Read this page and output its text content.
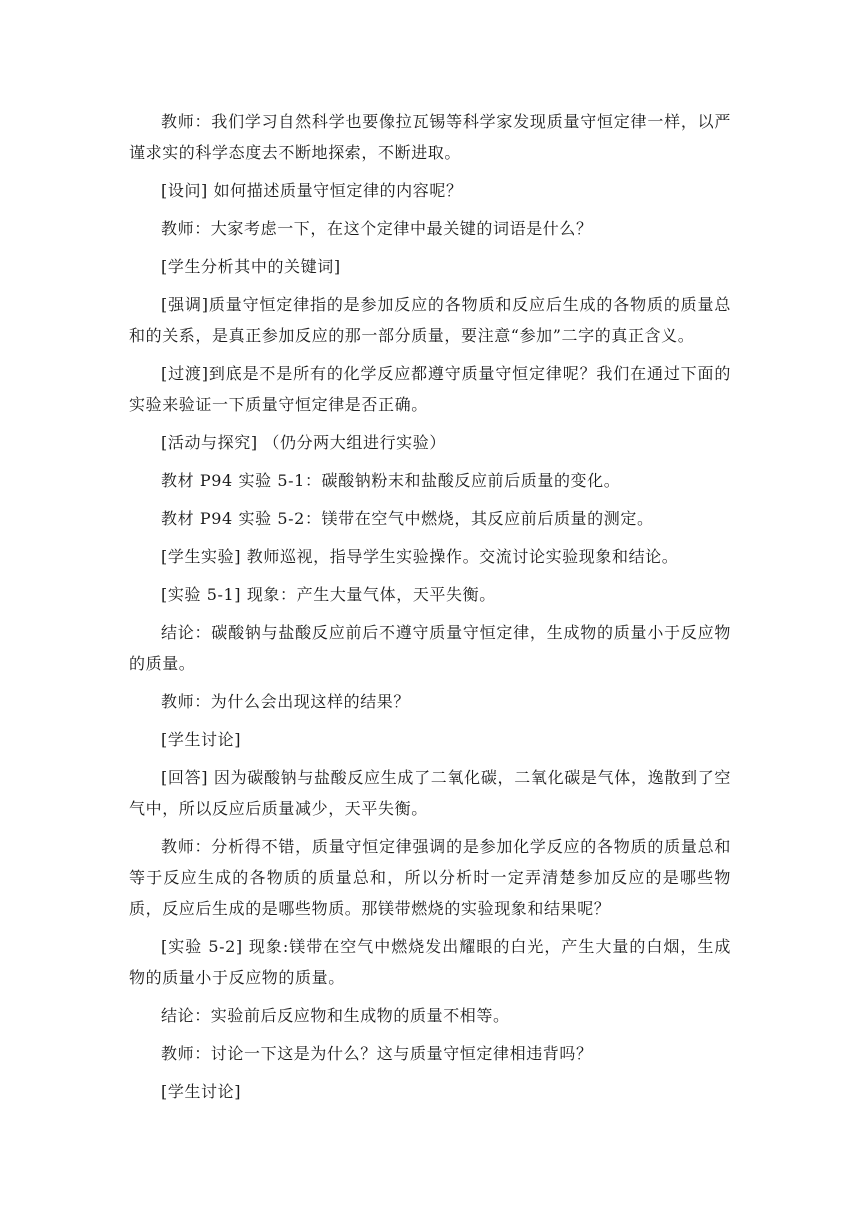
教师：我们学习自然科学也要像拉瓦锡等科学家发现质量守恒定律一样，以严谨求实的科学态度去不断地探索，不断进取。

[设问] 如何描述质量守恒定律的内容呢？

教师：大家考虑一下，在这个定律中最关键的词语是什么？

[学生分析其中的关键词]

[强调]质量守恒定律指的是参加反应的各物质和反应后生成的各物质的质量总和的关系，是真正参加反应的那一部分质量，要注意“参加”二字的真正含义。

[过渡]到底是不是所有的化学反应都遵守质量守恒定律呢？我们在通过下面的实验来验证一下质量守恒定律是否正确。

[活动与探究] （仍分两大组进行实验）

教材 P94 实验 5-1：碳酸钠粉末和盐酸反应前后质量的变化。

教材 P94 实验 5-2：镁带在空气中燃烧，其反应前后质量的测定。

[学生实验] 教师巡视，指导学生实验操作。交流讨论实验现象和结论。

[实验 5-1] 现象：产生大量气体，天平失衡。

结论：碳酸钠与盐酸反应前后不遵守质量守恒定律，生成物的质量小于反应物的质量。

教师：为什么会出现这样的结果？

[学生讨论]

[回答] 因为碳酸钠与盐酸反应生成了二氧化碳，二氧化碳是气体，逸散到了空气中，所以反应后质量减少，天平失衡。

教师：分析得不错，质量守恒定律强调的是参加化学反应的各物质的质量总和等于反应生成的各物质的质量总和，所以分析时一定弄清楚参加反应的是哪些物质，反应后生成的是哪些物质。那镁带燃烧的实验现象和结果呢？

[实验 5-2] 现象:镁带在空气中燃烧发出耀眼的白光，产生大量的白烟，生成物的质量小于反应物的质量。

结论：实验前后反应物和生成物的质量不相等。

教师：讨论一下这是为什么？这与质量守恒定律相违背吗？

[学生讨论]
